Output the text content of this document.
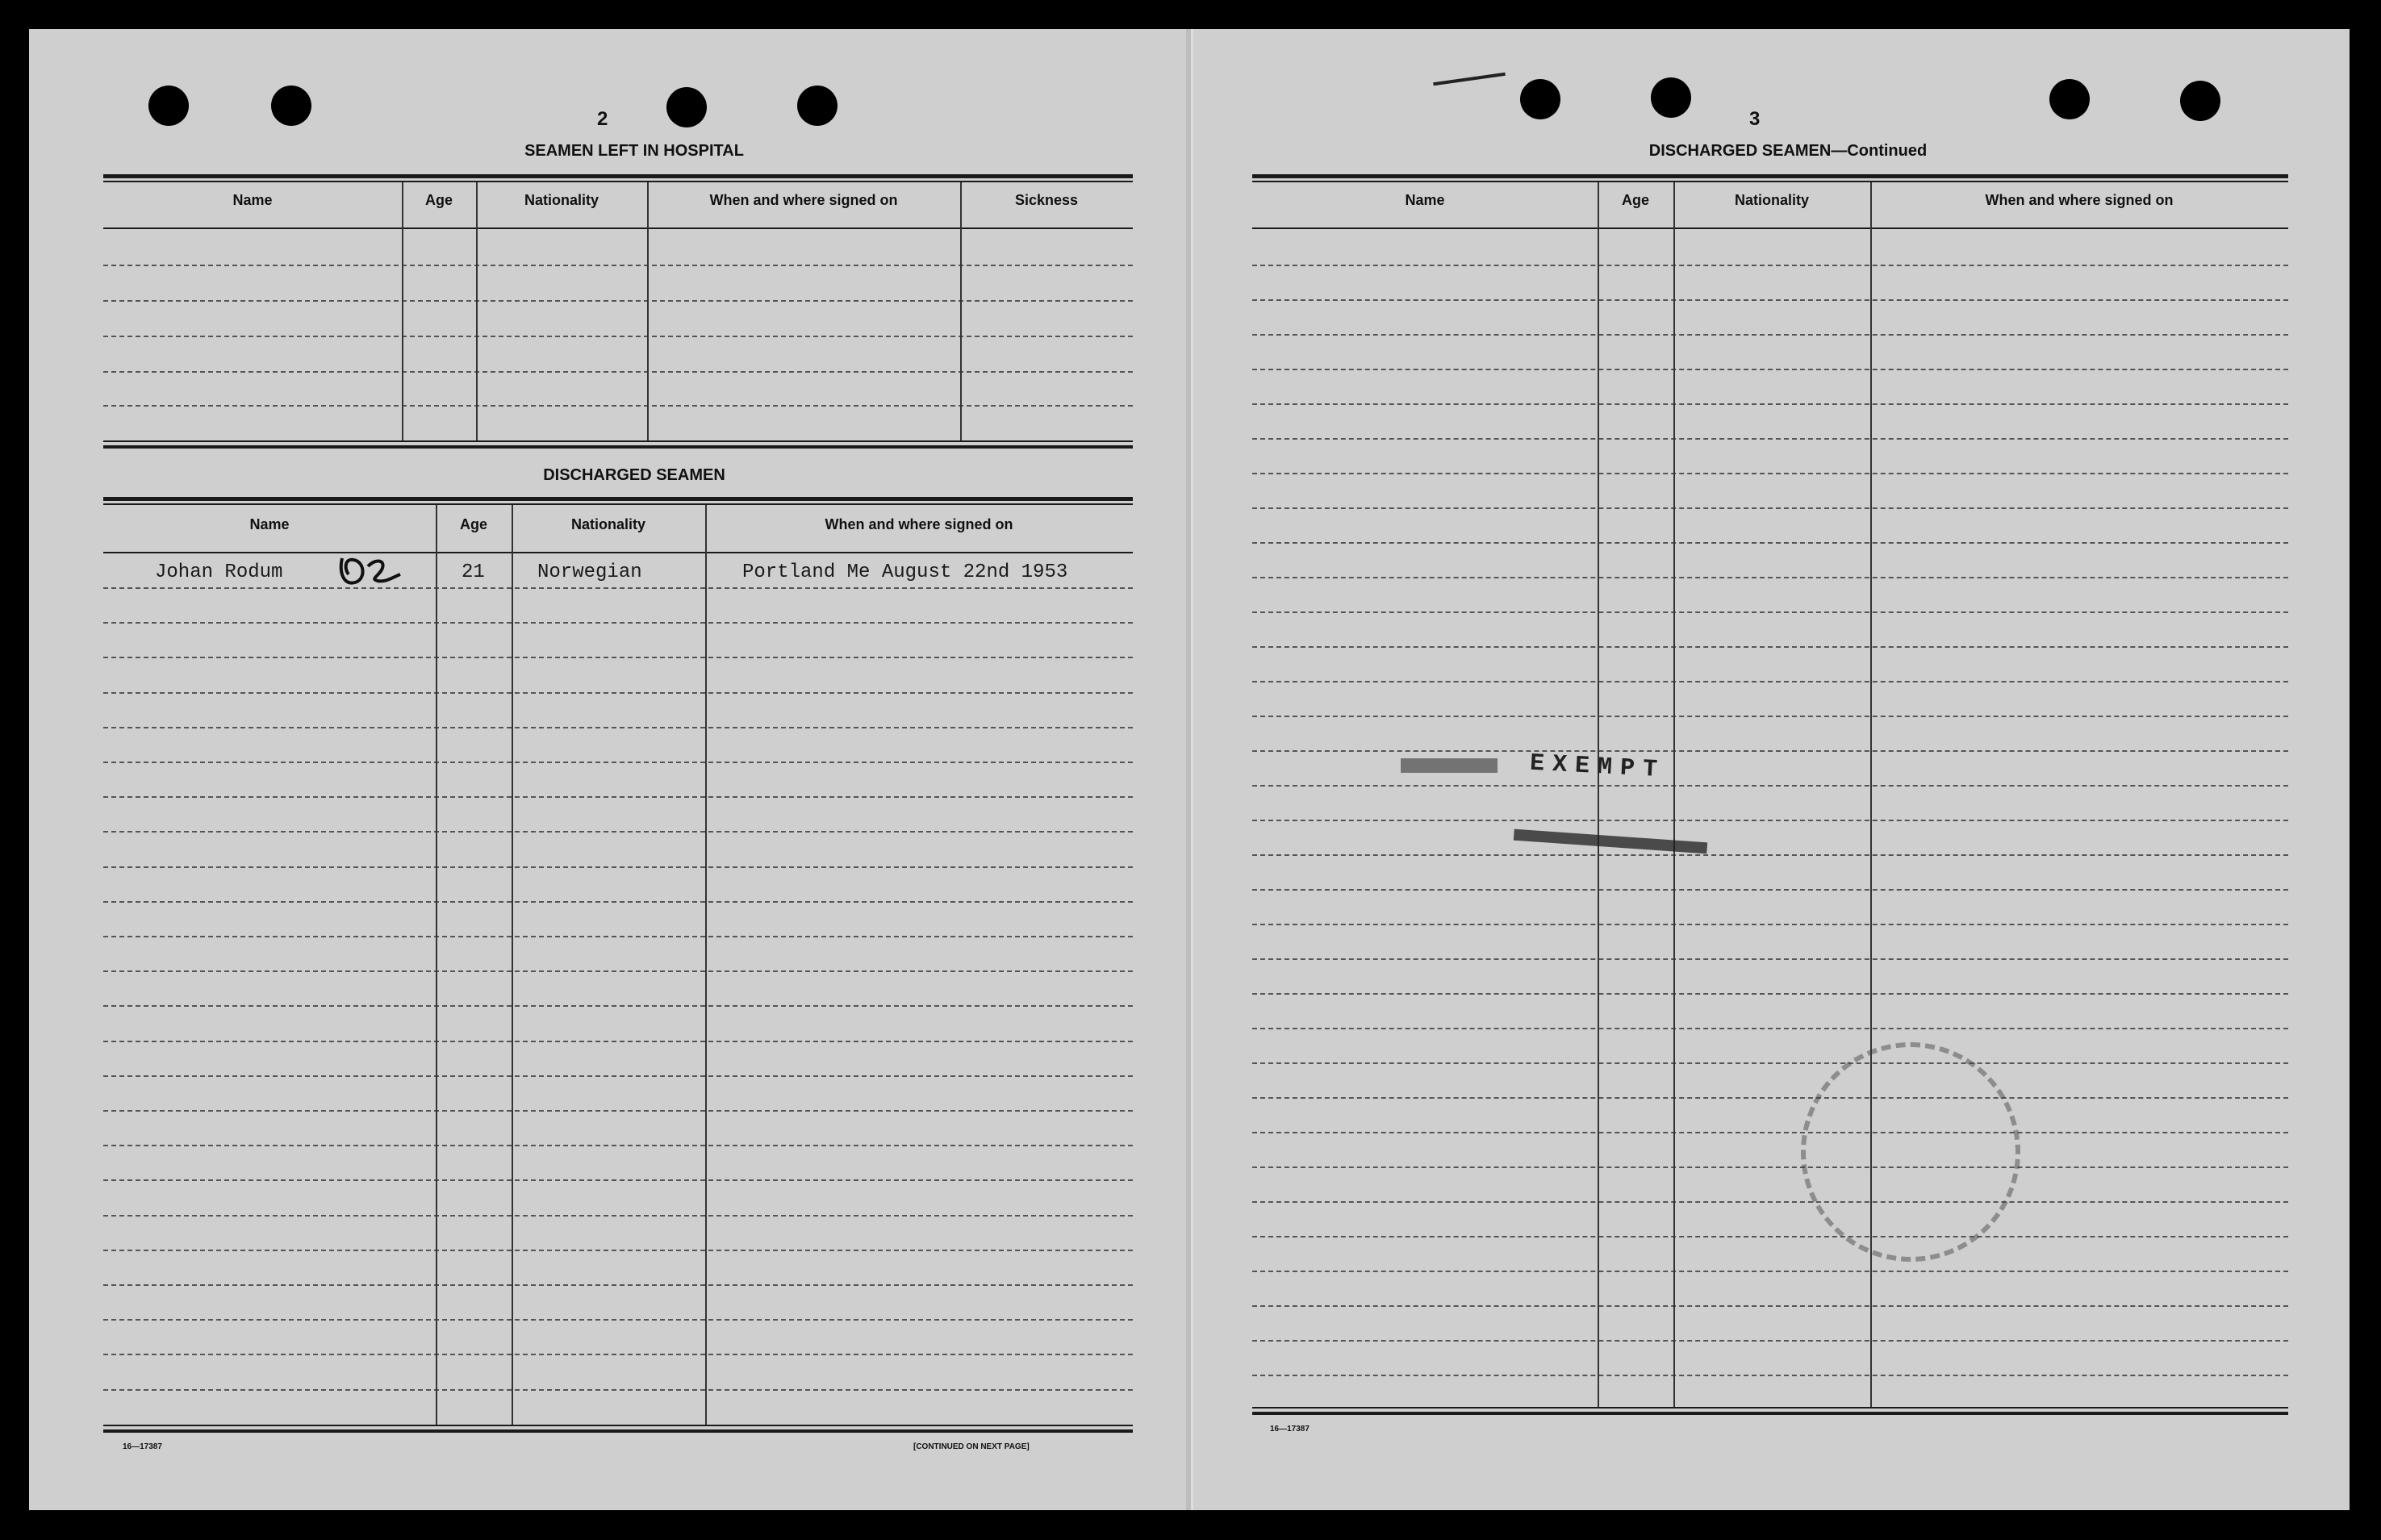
2
SEAMEN LEFT IN HOSPITAL
Name	Age	Nationality	When and where signed on	Sickness
DISCHARGED SEAMEN
Name	Age	Nationality	When and where signed on
Johan Rodum	21	Norwegian	Portland Me August 22nd 1953
16—17387	[CONTINUED ON NEXT PAGE]
3
DISCHARGED SEAMEN—Continued
Name	Age	Nationality	When and where signed on
16—17387
EXEMPT
